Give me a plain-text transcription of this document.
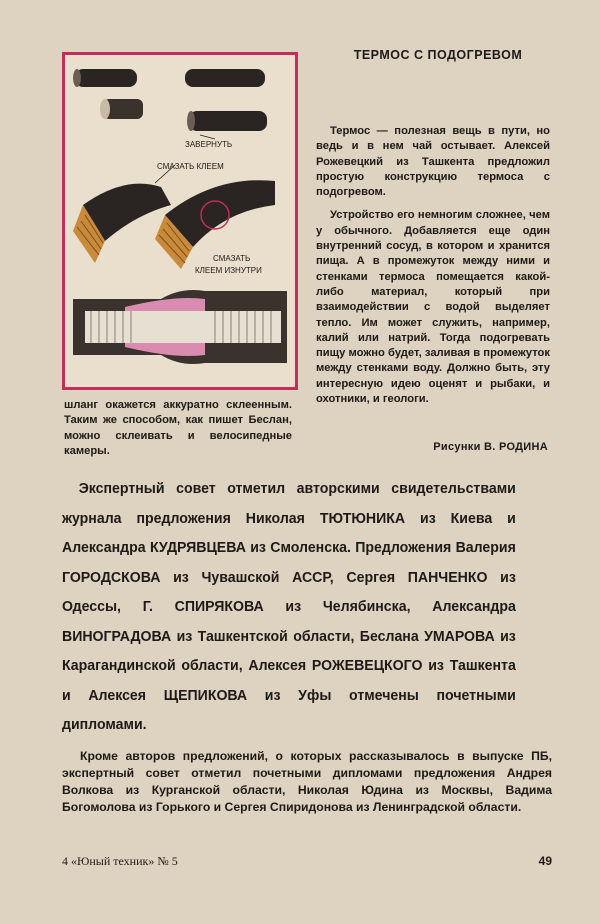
ТЕРМОС С ПОДОГРЕВОМ
ЗАВЕРНУТЬ
СМАЗАТЬ КЛЕЕМ
СМАЗАТЬ
КЛЕЕМ ИЗНУТРИ

Термос — полезная вещь в пути, но ведь и в нем чай остывает. Алексей Рожевецкий из Ташкента предложил простую конструкцию термоса с подогревом.

Устройство его немногим сложнее, чем у обычного. Добавляется еще один внутренний сосуд, в котором и хранится пища. А в промежуток между ними и стенками термоса помещается какой-либо материал, который при взаимодействии с водой выделяет тепло. Им может служить, например, калий или натрий. Тогда подогревать пищу можно будет, заливая в промежуток между стенками воду. Должно быть, эту интересную идею оценят и рыбаки, и охотники, и геологи.

шланг окажется аккуратно склеенным. Таким же способом, как пишет Беслан, можно склеивать и велосипедные камеры.	Рисунки В. РОДИНА

Экспертный совет отметил авторскими свидетельствами журнала предложения Николая ТЮТЮНИКА из Киева и Александра КУДРЯВЦЕВА из Смоленска. Предложения Валерия ГОРОДСКОВА из Чувашской АССР, Сергея ПАНЧЕНКО из Одессы, Г. СПИРЯКОВА из Челябинска, Александра ВИНОГРАДОВА из Ташкентской области, Беслана УМАРОВА из Карагандинской области, Алексея РОЖЕВЕЦКОГО из Ташкента и Алексея ЩЕПИКОВА из Уфы отмечены почетными дипломами.

Кроме авторов предложений, о которых рассказывалось в выпуске ПБ, экспертный совет отметил почетными дипломами предложения Андрея Волкова из Курганской области, Николая Юдина из Москвы, Вадима Богомолова из Горького и Сергея Спиридонова из Ленинградской области.

4 «Юный техник» № 5	49
